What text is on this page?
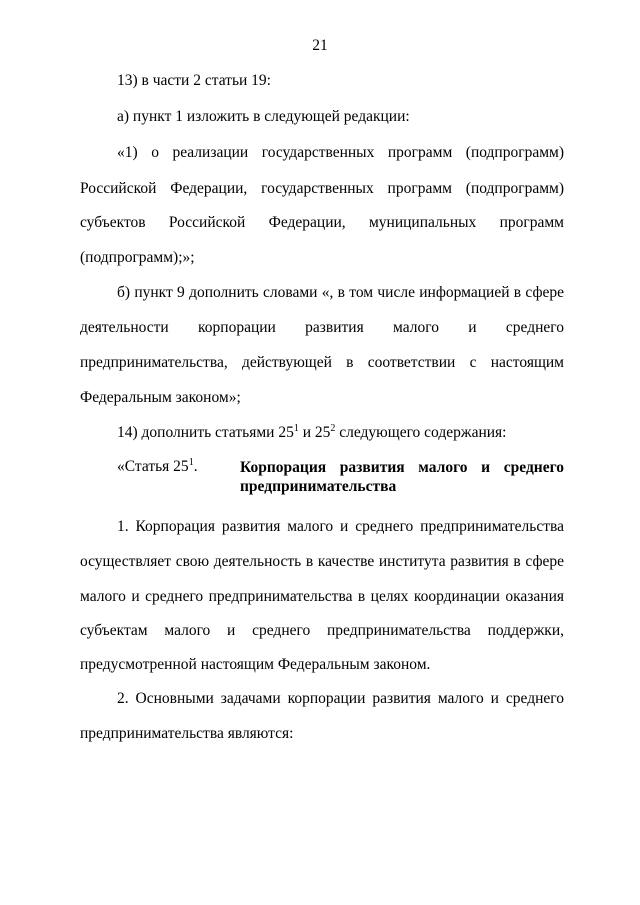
21
13) в части 2 статьи 19:
а) пункт 1 изложить в следующей редакции:
«1) о реализации государственных программ (подпрограмм)
Российской Федерации, государственных программ (подпрограмм)
субъектов Российской Федерации, муниципальных программ
(подпрограмм);»;
б) пункт 9 дополнить словами «, в том числе информацией в сфере
деятельности корпорации развития малого и среднего
предпринимательства, действующей в соответствии с настоящим
Федеральным законом»;
14) дополнить статьями $25^1$ и $25^2$ следующего содержания:
«Статья $25^1$.	Корпорация развития малого и среднего
предпринимательства
1. Корпорация развития малого и среднего предпринимательства
осуществляет свою деятельность в качестве института развития в сфере
малого и среднего предпринимательства в целях координации оказания
субъектам малого и среднего предпринимательства поддержки,
предусмотренной настоящим Федеральным законом.
2. Основными задачами корпорации развития малого и среднего
предпринимательства являются:
